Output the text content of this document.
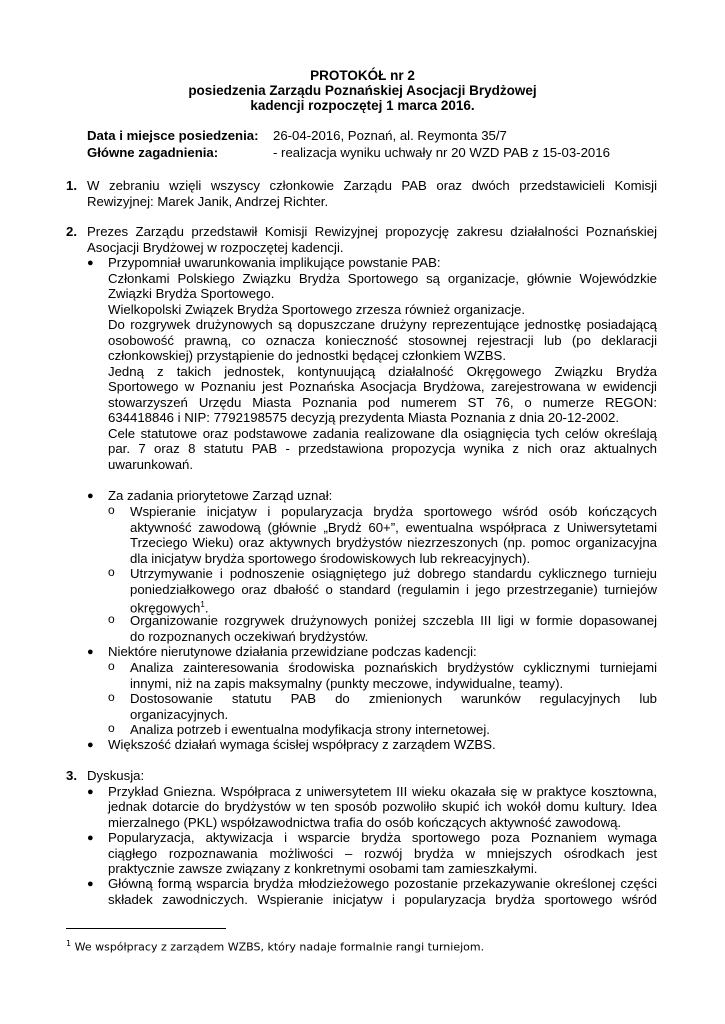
PROTOKÓŁ nr 2
posiedzenia Zarządu Poznańskiej Asocjacji Brydżowej
kadencji rozpoczętej 1 marca 2016.
Data i miejsce posiedzenia: 26-04-2016, Poznań, al. Reymonta 35/7
Główne zagadnienia:	- realizacja wyniku uchwały nr 20 WZD PAB z 15-03-2016
1. W zebraniu wzięli wszyscy członkowie Zarządu PAB oraz dwóch przedstawicieli Komisji
Rewizyjnej: Marek Janik, Andrzej Richter.
2. Prezes Zarządu przedstawił Komisji Rewizyjnej propozycję zakresu działalności Poznańskiej
Asocjacji Brydżowej w rozpoczętej kadencji.
● Przypomniał uwarunkowania implikujące powstanie PAB:
Członkami Polskiego Związku Brydża Sportowego są organizacje, głównie Wojewódzkie
Związki Brydża Sportowego.
Wielkopolski Związek Brydża Sportowego zrzesza również organizacje.
Do rozgrywek drużynowych są dopuszczane drużyny reprezentujące jednostkę posiadającą
osobowość prawną, co oznacza konieczność stosownej rejestracji lub (po deklaracji
członkowskiej) przystąpienie do jednostki będącej członkiem WZBS.
Jedną z takich jednostek, kontynuującą działalność Okręgowego Związku Brydża
Sportowego w Poznaniu jest Poznańska Asocjacja Brydżowa, zarejestrowana w ewidencji
stowarzyszeń Urzędu Miasta Poznania pod numerem ST 76, o numerze REGON:
634418846 i NIP: 7792198575 decyzją prezydenta Miasta Poznania z dnia 20-12-2002.
Cele statutowe oraz podstawowe zadania realizowane dla osiągnięcia tych celów określają
par. 7 oraz 8 statutu PAB - przedstawiona propozycja wynika z nich oraz aktualnych
uwarunkowań.
● Za zadania priorytetowe Zarząd uznał:
o Wspieranie inicjatyw i popularyzacja brydża sportowego wśród osób kończących
aktywność zawodową (głównie „Brydż 60+”, ewentualna współpraca z Uniwersytetami
Trzeciego Wieku) oraz aktywnych brydżystów niezrzeszonych (np. pomoc organizacyjna
dla inicjatyw brydża sportowego środowiskowych lub rekreacyjnych).
o Utrzymywanie i podnoszenie osiągniętego już dobrego standardu cyklicznego turnieju
poniedziałkowego oraz dbałość o standard (regulamin i jego przestrzeganie) turniejów
okręgowych$^1$.
o Organizowanie rozgrywek drużynowych poniżej szczebla III ligi w formie dopasowanej
do rozpoznanych oczekiwań brydżystów.
● Niektóre nierutynowe działania przewidziane podczas kadencji:
o Analiza zainteresowania środowiska poznańskich brydżystów cyklicznymi turniejami
innymi, niż na zapis maksymalny (punkty meczowe, indywidualne, teamy).
o Dostosowanie statutu PAB do zmienionych warunków regulacyjnych lub
organizacyjnych.
o Analiza potrzeb i ewentualna modyfikacja strony internetowej.
● Większość działań wymaga ścisłej współpracy z zarządem WZBS.
3. Dyskusja:
● Przykład Gniezna. Współpraca z uniwersytetem III wieku okazała się w praktyce kosztowna,
jednak dotarcie do brydżystów w ten sposób pozwoliło skupić ich wokół domu kultury. Idea
mierzalnego (PKL) współzawodnictwa trafia do osób kończących aktywność zawodową.
● Popularyzacja, aktywizacja i wsparcie brydża sportowego poza Poznaniem wymaga
ciągłego rozpoznawania możliwości – rozwój brydża w mniejszych ośrodkach jest
praktycznie zawsze związany z konkretnymi osobami tam zamieszkałymi.
● Główną formą wsparcia brydża młodzieżowego pozostanie przekazywanie określonej części
składek zawodniczych. Wspieranie inicjatyw i popularyzacja brydża sportowego wśród
$^1$ We współpracy z zarządem WZBS, który nadaje formalnie rangi turniejom.
